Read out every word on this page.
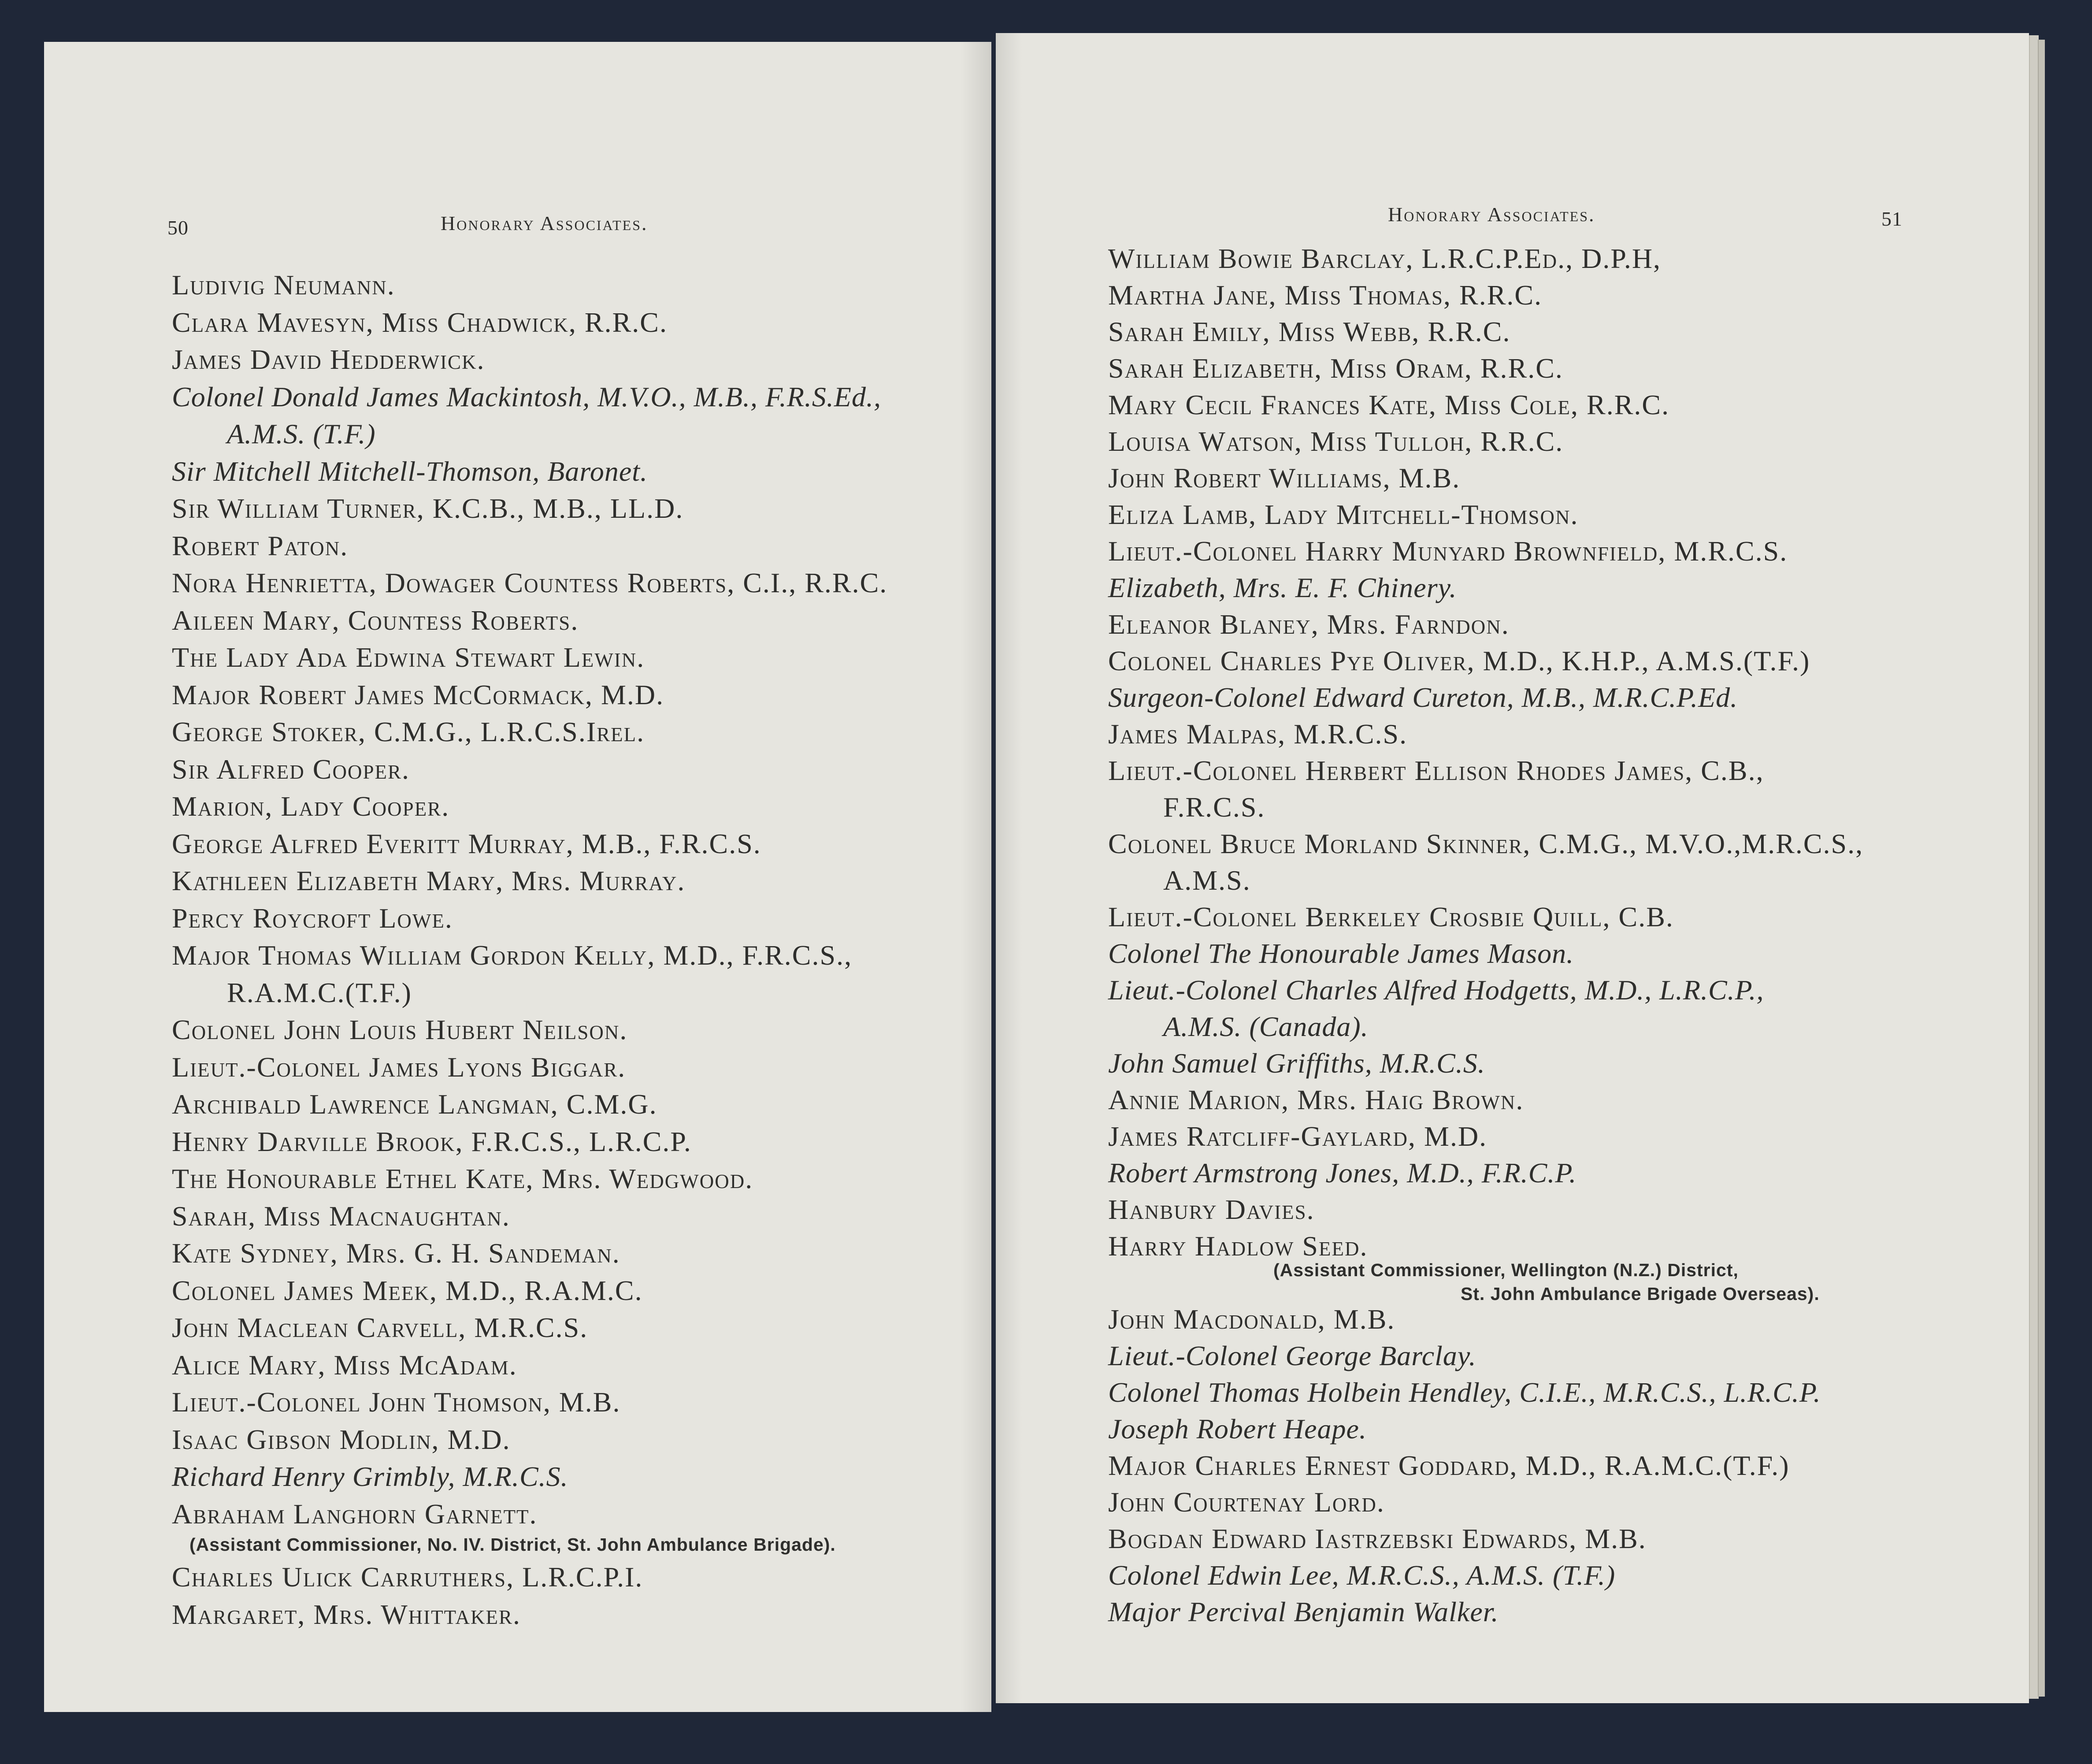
50	Honorary Associates.
Ludivig Neumann.
Clara Mavesyn, Miss Chadwick, R.R.C.
James David Hedderwick.
Colonel Donald James Mackintosh, M.V.O., M.B., F.R.S.Ed.,
A.M.S. (T.F.)
Sir Mitchell Mitchell-Thomson, Baronet.
Sir William Turner, K.C.B., M.B., LL.D.
Robert Paton.
Nora Henrietta, Dowager Countess Roberts, C.I., R.R.C.
Aileen Mary, Countess Roberts.
The Lady Ada Edwina Stewart Lewin.
Major Robert James McCormack, M.D.
George Stoker, C.M.G., L.R.C.S.Irel.
Sir Alfred Cooper.
Marion, Lady Cooper.
George Alfred Everitt Murray, M.B., F.R.C.S.
Kathleen Elizabeth Mary, Mrs. Murray.
Percy Roycroft Lowe.
Major Thomas William Gordon Kelly, M.D., F.R.C.S.,
R.A.M.C.(T.F.)
Colonel John Louis Hubert Neilson.
Lieut.-Colonel James Lyons Biggar.
Archibald Lawrence Langman, C.M.G.
Henry Darville Brook, F.R.C.S., L.R.C.P.
The Honourable Ethel Kate, Mrs. Wedgwood.
Sarah, Miss Macnaughtan.
Kate Sydney, Mrs. G. H. Sandeman.
Colonel James Meek, M.D., R.A.M.C.
John Maclean Carvell, M.R.C.S.
Alice Mary, Miss McAdam.
Lieut.-Colonel John Thomson, M.B.
Isaac Gibson Modlin, M.D.
Richard Henry Grimbly, M.R.C.S.
Abraham Langhorn Garnett.
(Assistant Commissioner, No. IV. District, St. John Ambulance Brigade).
Charles Ulick Carruthers, L.R.C.P.I.
Margaret, Mrs. Whittaker.
Honorary Associates.	51
William Bowie Barclay, L.R.C.P.Ed., D.P.H,
Martha Jane, Miss Thomas, R.R.C.
Sarah Emily, Miss Webb, R.R.C.
Sarah Elizabeth, Miss Oram, R.R.C.
Mary Cecil Frances Kate, Miss Cole, R.R.C.
Louisa Watson, Miss Tulloh, R.R.C.
John Robert Williams, M.B.
Eliza Lamb, Lady Mitchell-Thomson.
Lieut.-Colonel Harry Munyard Brownfield, M.R.C.S.
Elizabeth, Mrs. E. F. Chinery.
Eleanor Blaney, Mrs. Farndon.
Colonel Charles Pye Oliver, M.D., K.H.P., A.M.S.(T.F.)
Surgeon-Colonel Edward Cureton, M.B., M.R.C.P.Ed.
James Malpas, M.R.C.S.
Lieut.-Colonel Herbert Ellison Rhodes James, C.B.,
F.R.C.S.
Colonel Bruce Morland Skinner, C.M.G., M.V.O.,M.R.C.S.,
A.M.S.
Lieut.-Colonel Berkeley Crosbie Quill, C.B.
Colonel The Honourable James Mason.
Lieut.-Colonel Charles Alfred Hodgetts, M.D., L.R.C.P.,
A.M.S. (Canada).
John Samuel Griffiths, M.R.C.S.
Annie Marion, Mrs. Haig Brown.
James Ratcliff-Gaylard, M.D.
Robert Armstrong Jones, M.D., F.R.C.P.
Hanbury Davies.
Harry Hadlow Seed.
(Assistant Commissioner, Wellington (N.Z.) District,
St. John Ambulance Brigade Overseas).
John Macdonald, M.B.
Lieut.-Colonel George Barclay.
Colonel Thomas Holbein Hendley, C.I.E., M.R.C.S., L.R.C.P.
Joseph Robert Heape.
Major Charles Ernest Goddard, M.D., R.A.M.C.(T.F.)
John Courtenay Lord.
Bogdan Edward Iastrzebski Edwards, M.B.
Colonel Edwin Lee, M.R.C.S., A.M.S. (T.F.)
Major Percival Benjamin Walker.
